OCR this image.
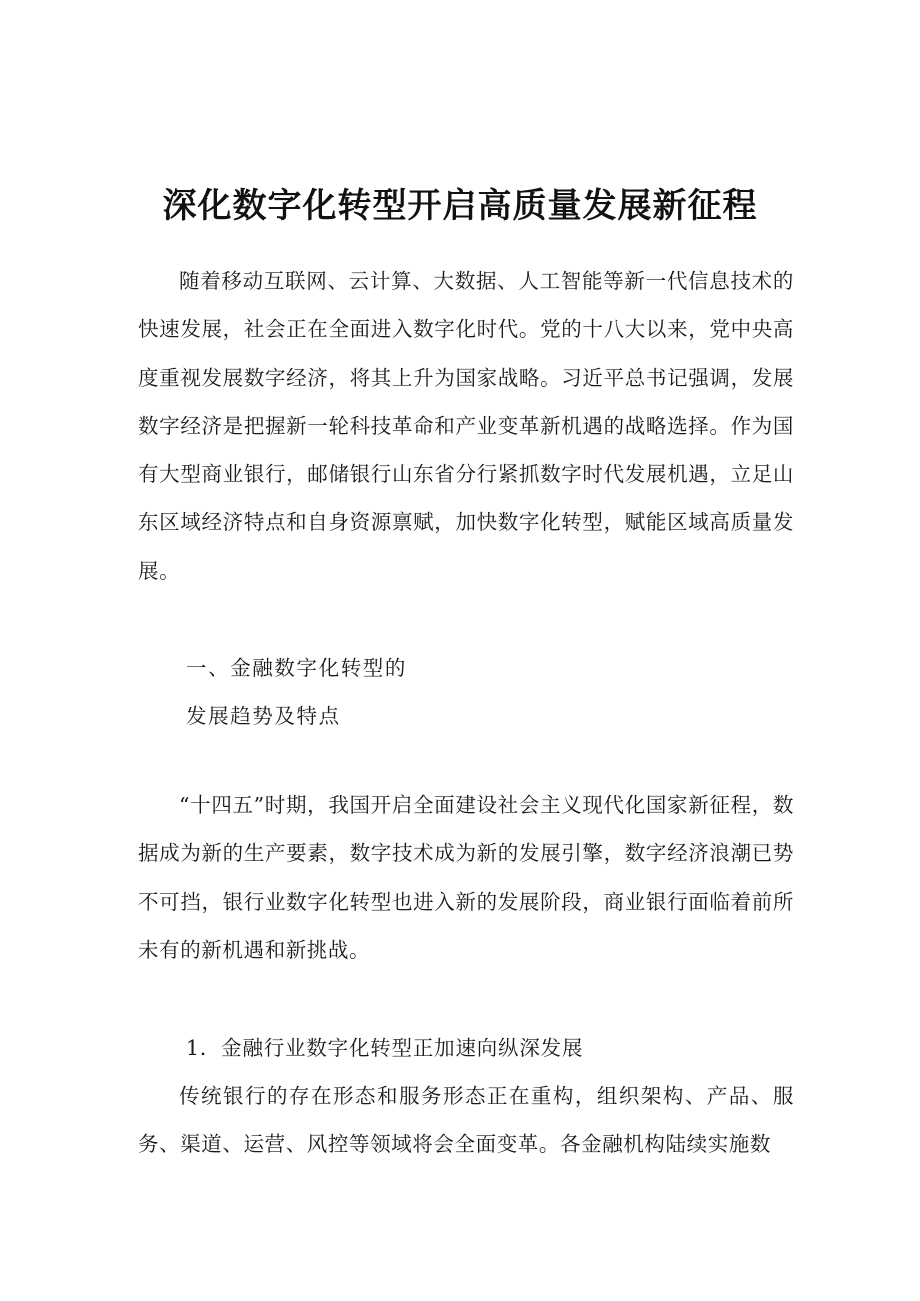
深化数字化转型开启高质量发展新征程

随着移动互联网、云计算、大数据、人工智能等新一代信息技术的快速发展，社会正在全面进入数字化时代。党的十八大以来，党中央高度重视发展数字经济，将其上升为国家战略。习近平总书记强调，发展数字经济是把握新一轮科技革命和产业变革新机遇的战略选择。作为国有大型商业银行，邮储银行山东省分行紧抓数字时代发展机遇，立足山东区域经济特点和自身资源禀赋，加快数字化转型，赋能区域高质量发展。

一、金融数字化转型的

发展趋势及特点

“十四五”时期，我国开启全面建设社会主义现代化国家新征程，数据成为新的生产要素，数字技术成为新的发展引擎，数字经济浪潮已势不可挡，银行业数字化转型也进入新的发展阶段，商业银行面临着前所未有的新机遇和新挑战。

1．金融行业数字化转型正加速向纵深发展

传统银行的存在形态和服务形态正在重构，组织架构、产品、服务、渠道、运营、风控等领域将会全面变革。各金融机构陆续实施数
